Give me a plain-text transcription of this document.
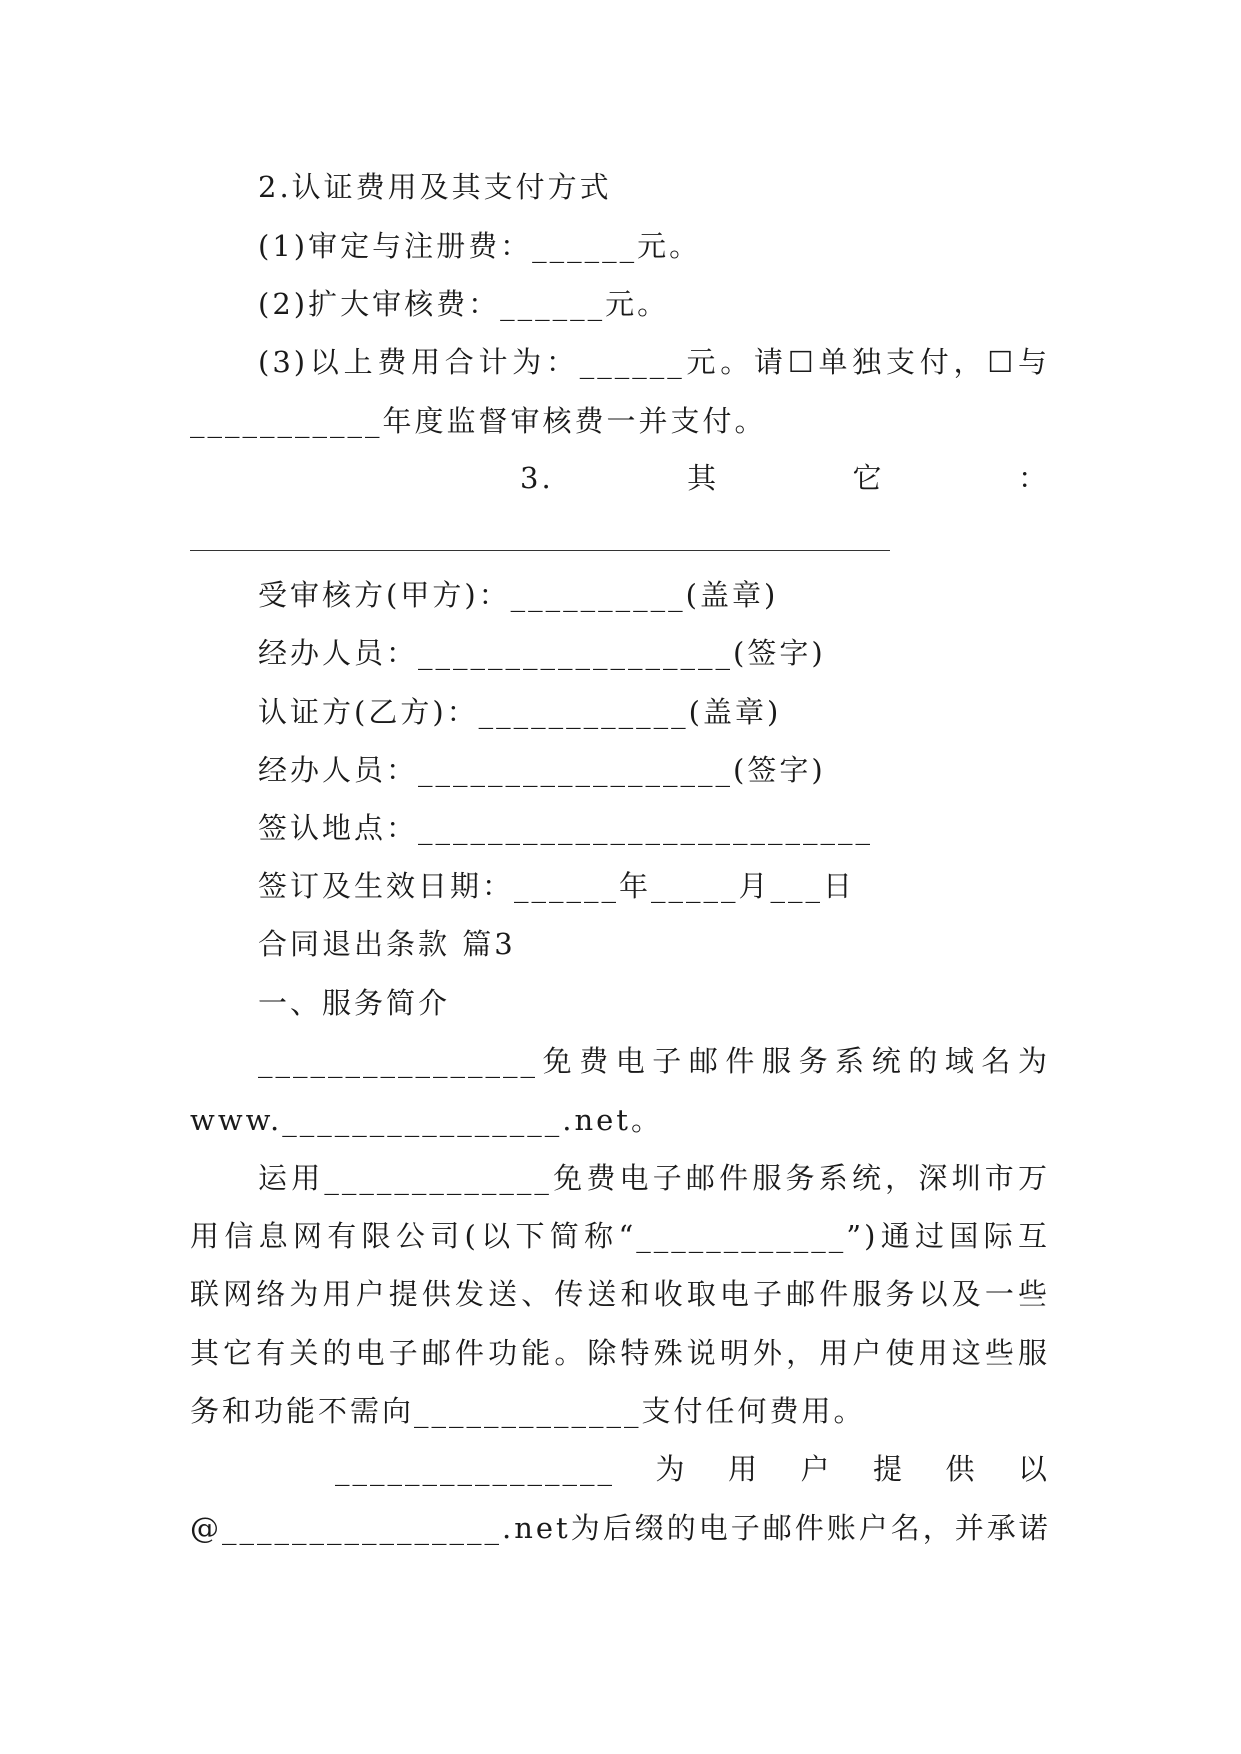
2.认证费用及其支付方式
(1)审定与注册费：______元。
(2)扩大审核费：______元。
(3)以上费用合计为：______元。请☐单独支付，☐与
___________年度监督审核费一并支付。
3.	其	它	：
受审核方(甲方)：__________(盖章)
经办人员：__________________(签字)
认证方(乙方)：____________(盖章)
经办人员：__________________(签字)
签认地点：__________________________
签订及生效日期：______年_____月___日
合同退出条款 篇3
一、服务简介
________________免费电子邮件服务系统的域名为
www.________________.net。
运用_____________免费电子邮件服务系统，深圳市万
用信息网有限公司(以下简称“____________”)通过国际互
联网络为用户提供发送、传送和收取电子邮件服务以及一些
其它有关的电子邮件功能。除特殊说明外，用户使用这些服
务和功能不需向_____________支付任何费用。
________________为用户提供以
@________________.net为后缀的电子邮件账户名，并承诺
